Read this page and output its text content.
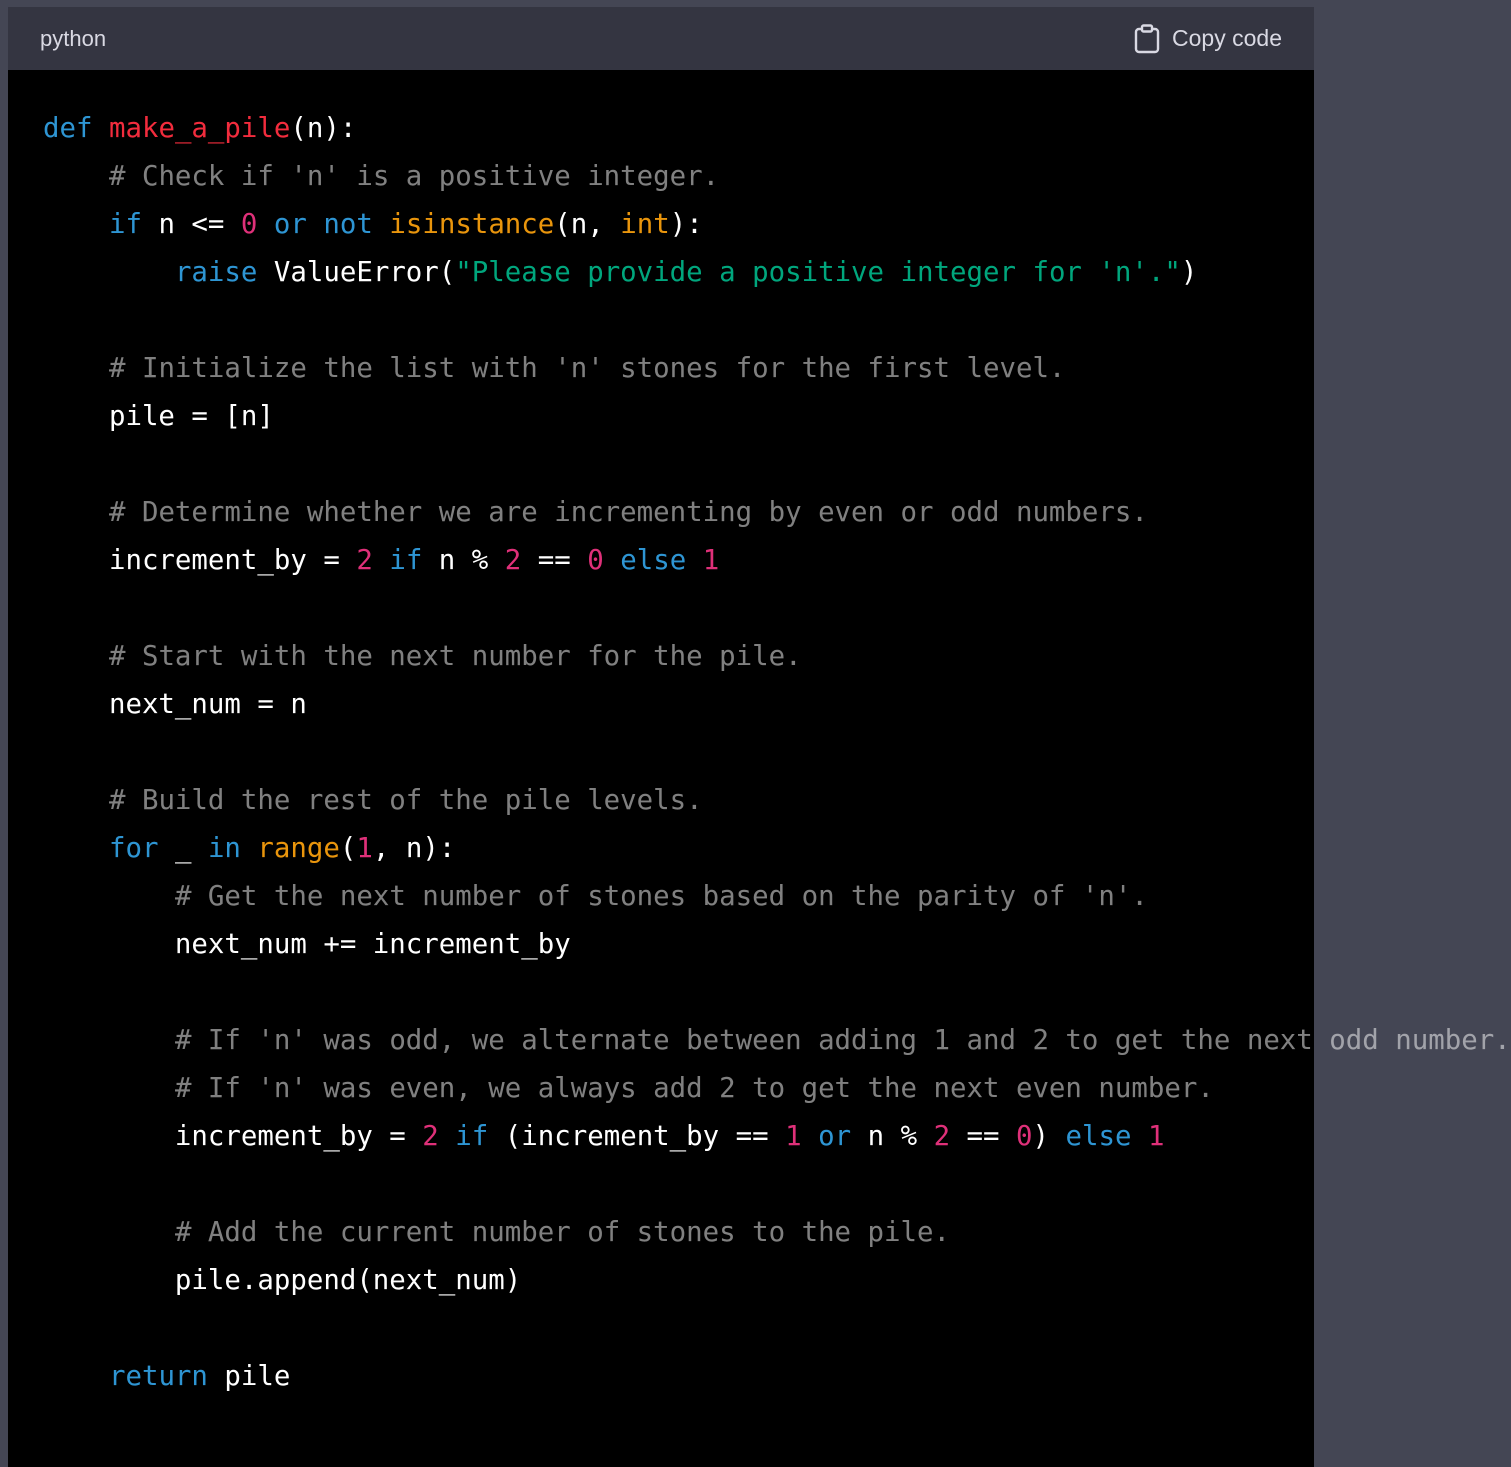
python	Copy code
def make_a_pile(n):
# Check if 'n' is a positive integer.
if n <= 0 or not isinstance(n, int):
raise ValueError("Please provide a positive integer for 'n'.")
# Initialize the list with 'n' stones for the first level.
pile = [n]
# Determine whether we are incrementing by even or odd numbers.
increment_by = 2 if n % 2 == 0 else 1
# Start with the next number for the pile.
next_num = n
# Build the rest of the pile levels.
for _ in range(1, n):
# Get the next number of stones based on the parity of 'n'.
next_num += increment_by
# If 'n' was odd, we alternate between adding 1 and 2 to get the next odd number.
# If 'n' was even, we always add 2 to get the next even number.
increment_by = 2 if (increment_by == 1 or n % 2 == 0) else 1
# Add the current number of stones to the pile.
pile.append(next_num)
return pile
